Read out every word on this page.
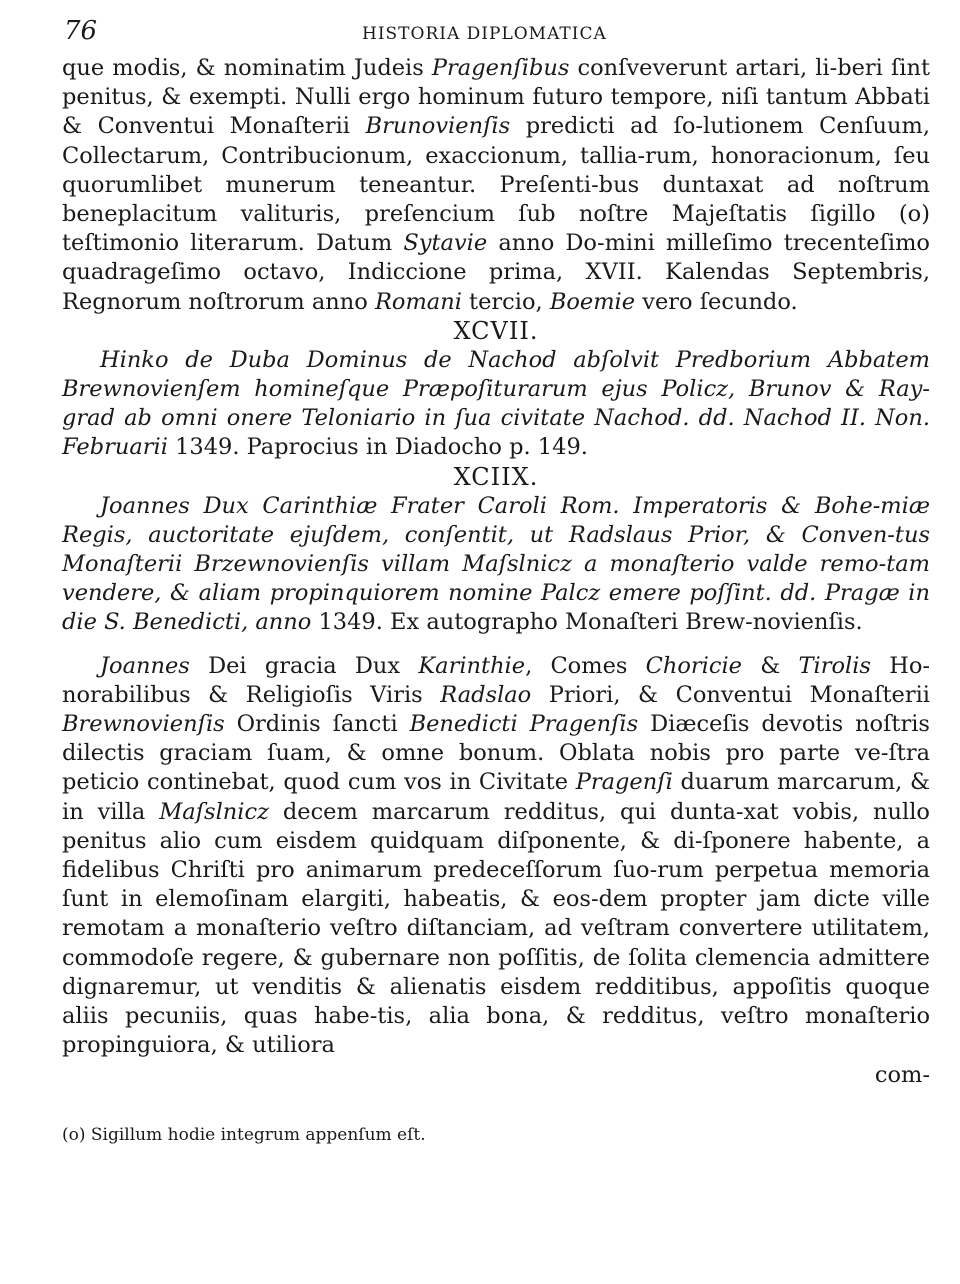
76	HISTORIA DIPLOMATICA

que modis, & nominatim Judeis Pragenſibus conſveverunt artari, li-beri ſint penitus, & exempti. Nulli ergo hominum futuro tempore, niſi tantum Abbati & Conventui Monaſterii Brunovienſis predicti ad ſo-lutionem Cenſuum, Collectarum, Contribucionum, exaccionum, tallia-rum, honoracionum, ſeu quorumlibet munerum teneantur. Preſenti-bus duntaxat ad noſtrum beneplacitum valituris, preſencium ſub noſtre Majeſtatis ſigillo (o) teſtimonio literarum. Datum Sytavie anno Do-mini milleſimo trecenteſimo quadrageſimo octavo, Indiccione prima, XVII. Kalendas Septembris, Regnorum noſtrorum anno Romani tercio, Boemie vero ſecundo.

XCVII.

Hinko de Duba Dominus de Nachod abſolvit Predborium Abbatem Brewnovienſem homineſque Præpoſiturarum ejus Policz, Brunov & Ray-grad ab omni onere Teloniario in ſua civitate Nachod. dd. Nachod II. Non. Februarii 1349. Paprocius in Diadocho p. 149.

XCIIX.

Joannes Dux Carinthiæ Frater Caroli Rom. Imperatoris & Bohe-miæ Regis, auctoritate ejuſdem, conſentit, ut Radslaus Prior, & Conven-tus Monaſterii Brzewnovienſis villam Maſslnicz a monaſterio valde remo-tam vendere, & aliam propinquiorem nomine Palcz emere poſſint. dd. Pragæ in die S. Benedicti, anno 1349. Ex autographo Monaſteri Brew-novienſis.

Joannes Dei gracia Dux Karinthie, Comes Choricie & Tirolis Ho-norabilibus & Religioſis Viris Radslao Priori, & Conventui Monaſterii Brewnovienſis Ordinis ſancti Benedicti Pragenſis Diæceſis devotis noſtris dilectis graciam ſuam, & omne bonum. Oblata nobis pro parte ve-ſtra peticio continebat, quod cum vos in Civitate Pragenſi duarum marcarum, & in villa Maſslnicz decem marcarum redditus, qui dunta-xat vobis, nullo penitus alio cum eisdem quidquam diſponente, & di-ſponere habente, a fidelibus Chriſti pro animarum predeceſſorum ſuo-rum perpetua memoria ſunt in elemoſinam elargiti, habeatis, & eos-dem propter jam dicte ville remotam a monaſterio veſtro diſtanciam, ad veſtram convertere utilitatem, commodoſe regere, & gubernare non poſſitis, de ſolita clemencia admittere dignaremur, ut venditis & alienatis eisdem redditibus, appoſitis quoque aliis pecuniis, quas habe-tis, alia bona, & redditus, veſtro monaſterio propinguiora, & utiliora

com-

(o) Sigillum hodie integrum appenſum eſt.
